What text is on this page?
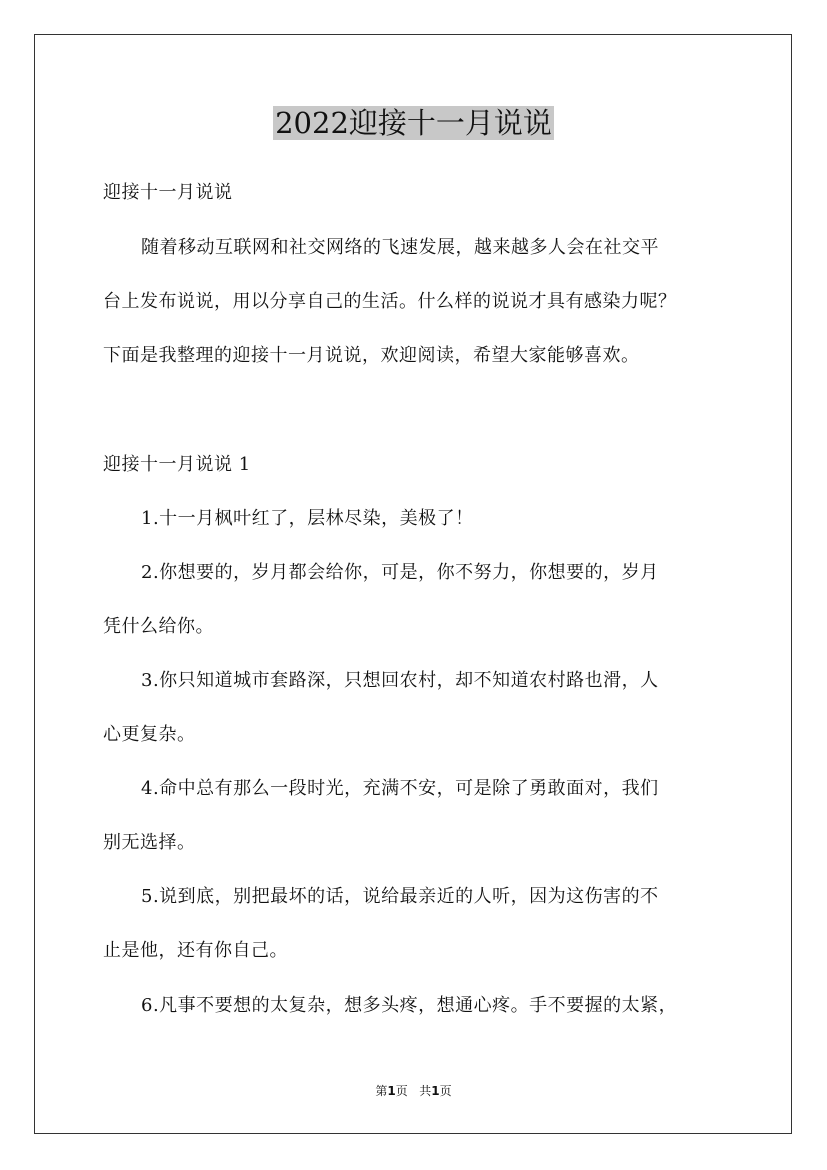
2022迎接十一月说说
迎接十一月说说
随着移动互联网和社交网络的飞速发展，越来越多人会在社交平
台上发布说说，用以分享自己的生活。什么样的说说才具有感染力呢？
下面是我整理的迎接十一月说说，欢迎阅读，希望大家能够喜欢。
迎接十一月说说 1
1.十一月枫叶红了，层林尽染，美极了！
2.你想要的，岁月都会给你，可是，你不努力，你想要的，岁月
凭什么给你。
3.你只知道城市套路深，只想回农村，却不知道农村路也滑，人
心更复杂。
4.命中总有那么一段时光，充满不安，可是除了勇敢面对，我们
别无选择。
5.说到底，别把最坏的话，说给最亲近的人听，因为这伤害的不
止是他，还有你自己。
6.凡事不要想的太复杂，想多头疼，想通心疼。手不要握的太紧，
第1页 共1页
